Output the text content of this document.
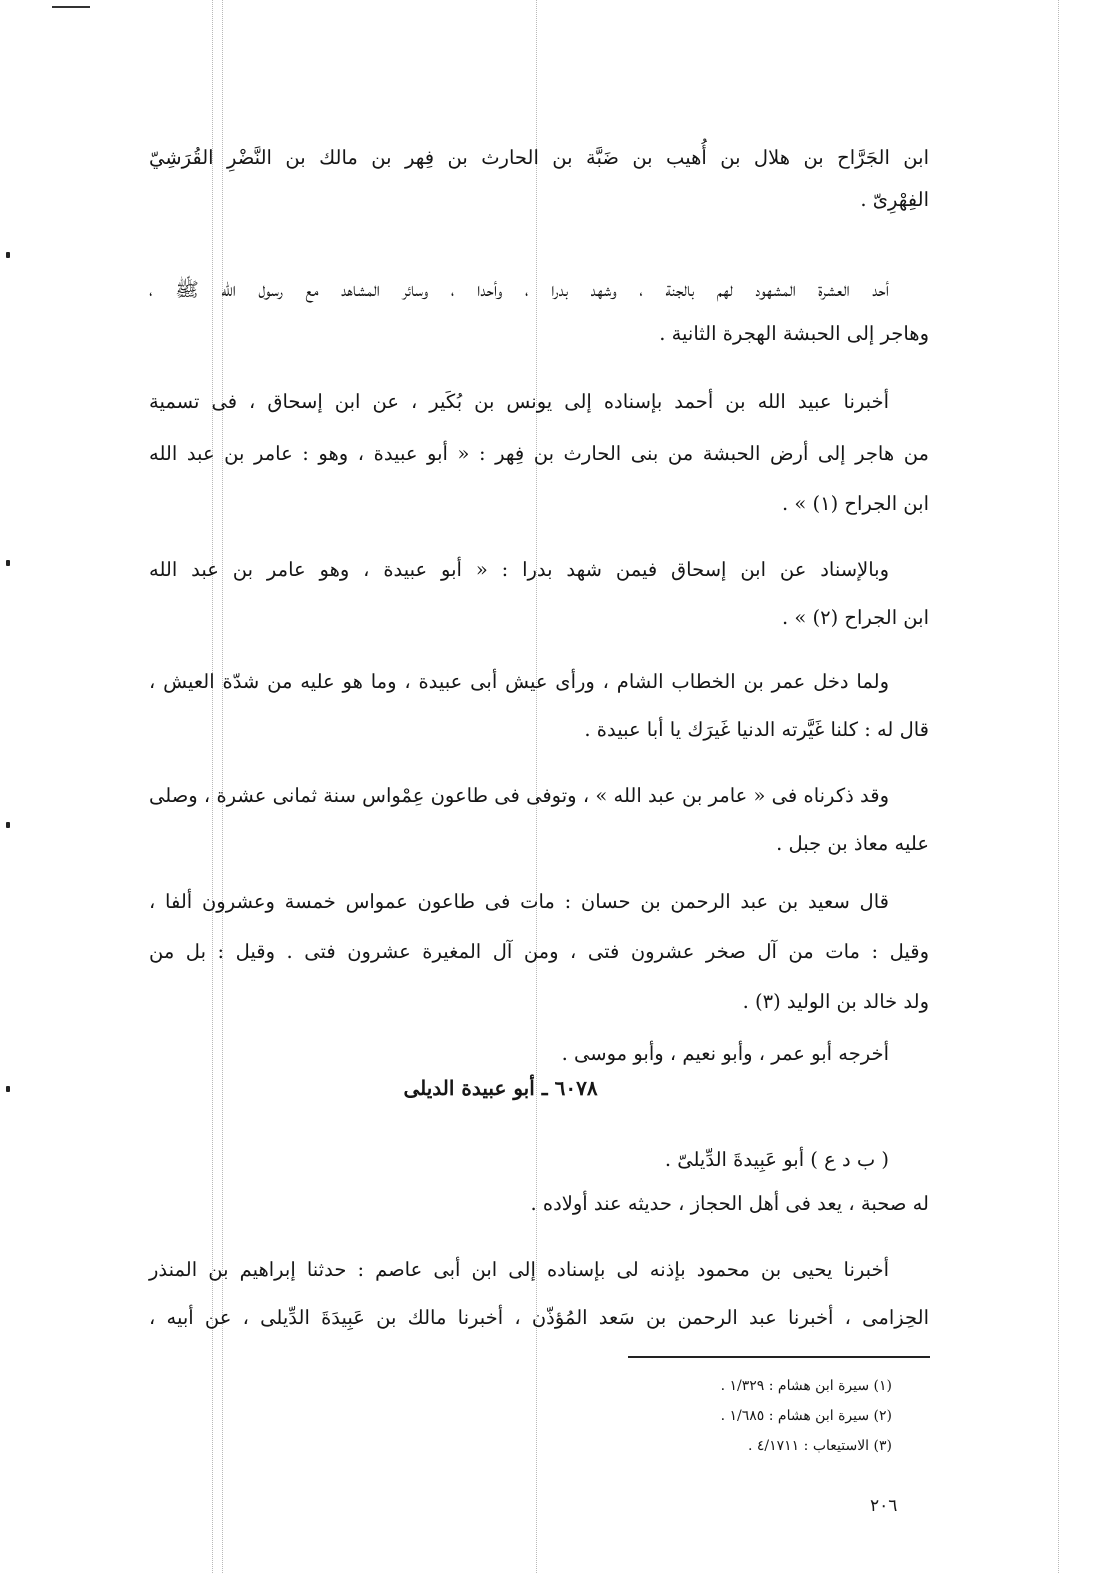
ابن الجَرَّاح بن هلال بن أُهيب بن ضَبَّة بن الحارث بن فِهر بن مالك بن النَّضْرِ القُرَشِيّ
الفِهْرِىّ .
أحد العشرة المشهود لهم بالجنة ، وشهد بدرا ، وأحدا ، وسائر المشاهد مع رسول الله ﷺ ،
وهاجر إلى الحبشة الهجرة الثانية .
أخبرنا عبيد الله بن أحمد بإسناده إلى يونس بن بُكَير ، عن ابن إسحاق ، فى تسمية
من هاجر إلى أرض الحبشة من بنى الحارث بن فِهر : « أبو عبيدة ، وهو : عامر بن عبد الله
ابن الجراح (١) » .
وبالإسناد عن ابن إسحاق فيمن شهد بدرا : « أبو عبيدة ، وهو عامر بن عبد الله
ابن الجراح (٢) » .
ولما دخل عمر بن الخطاب الشام ، ورأى عيش أبى عبيدة ، وما هو عليه من شدّة العيش ،
قال له : كلنا غَيَّرته الدنيا غَيرَك يا أبا عبيدة .
وقد ذكرناه فى « عامر بن عبد الله » ، وتوفى فى طاعون عِمْواس سنة ثمانى عشرة ، وصلى
عليه معاذ بن جبل .
قال سعيد بن عبد الرحمن بن حسان : مات فى طاعون عمواس خمسة وعشرون ألفا ،
وقيل : مات من آل صخر عشرون فتى ، ومن آل المغيرة عشرون فتى . وقيل : بل من
ولد خالد بن الوليد (٣) .
أخرجه أبو عمر ، وأبو نعيم ، وأبو موسى .
( ب د ع ) أبو عَبِيدةَ الدِّيلىّ .
له صحبة ، يعد فى أهل الحجاز ، حديثه عند أولاده .
أخبرنا يحيى بن محمود بإذنه لى بإسناده إلى ابن أبى عاصم : حدثنا إبراهيم بن المنذر
الحِزامى ، أخبرنا عبد الرحمن بن سَعد المُؤذّن ، أخبرنا مالك بن عَبِيدَةَ الدِّيلى ، عن أبيه ،
٦٠٧٨ ـ أبو عبيدة الديلى
(١) سيرة ابن هشام : ١/٣٢٩ .
(٢) سيرة ابن هشام : ١/٦٨٥ .
(٣) الاستيعاب : ٤/١٧١١ .
٢٠٦
